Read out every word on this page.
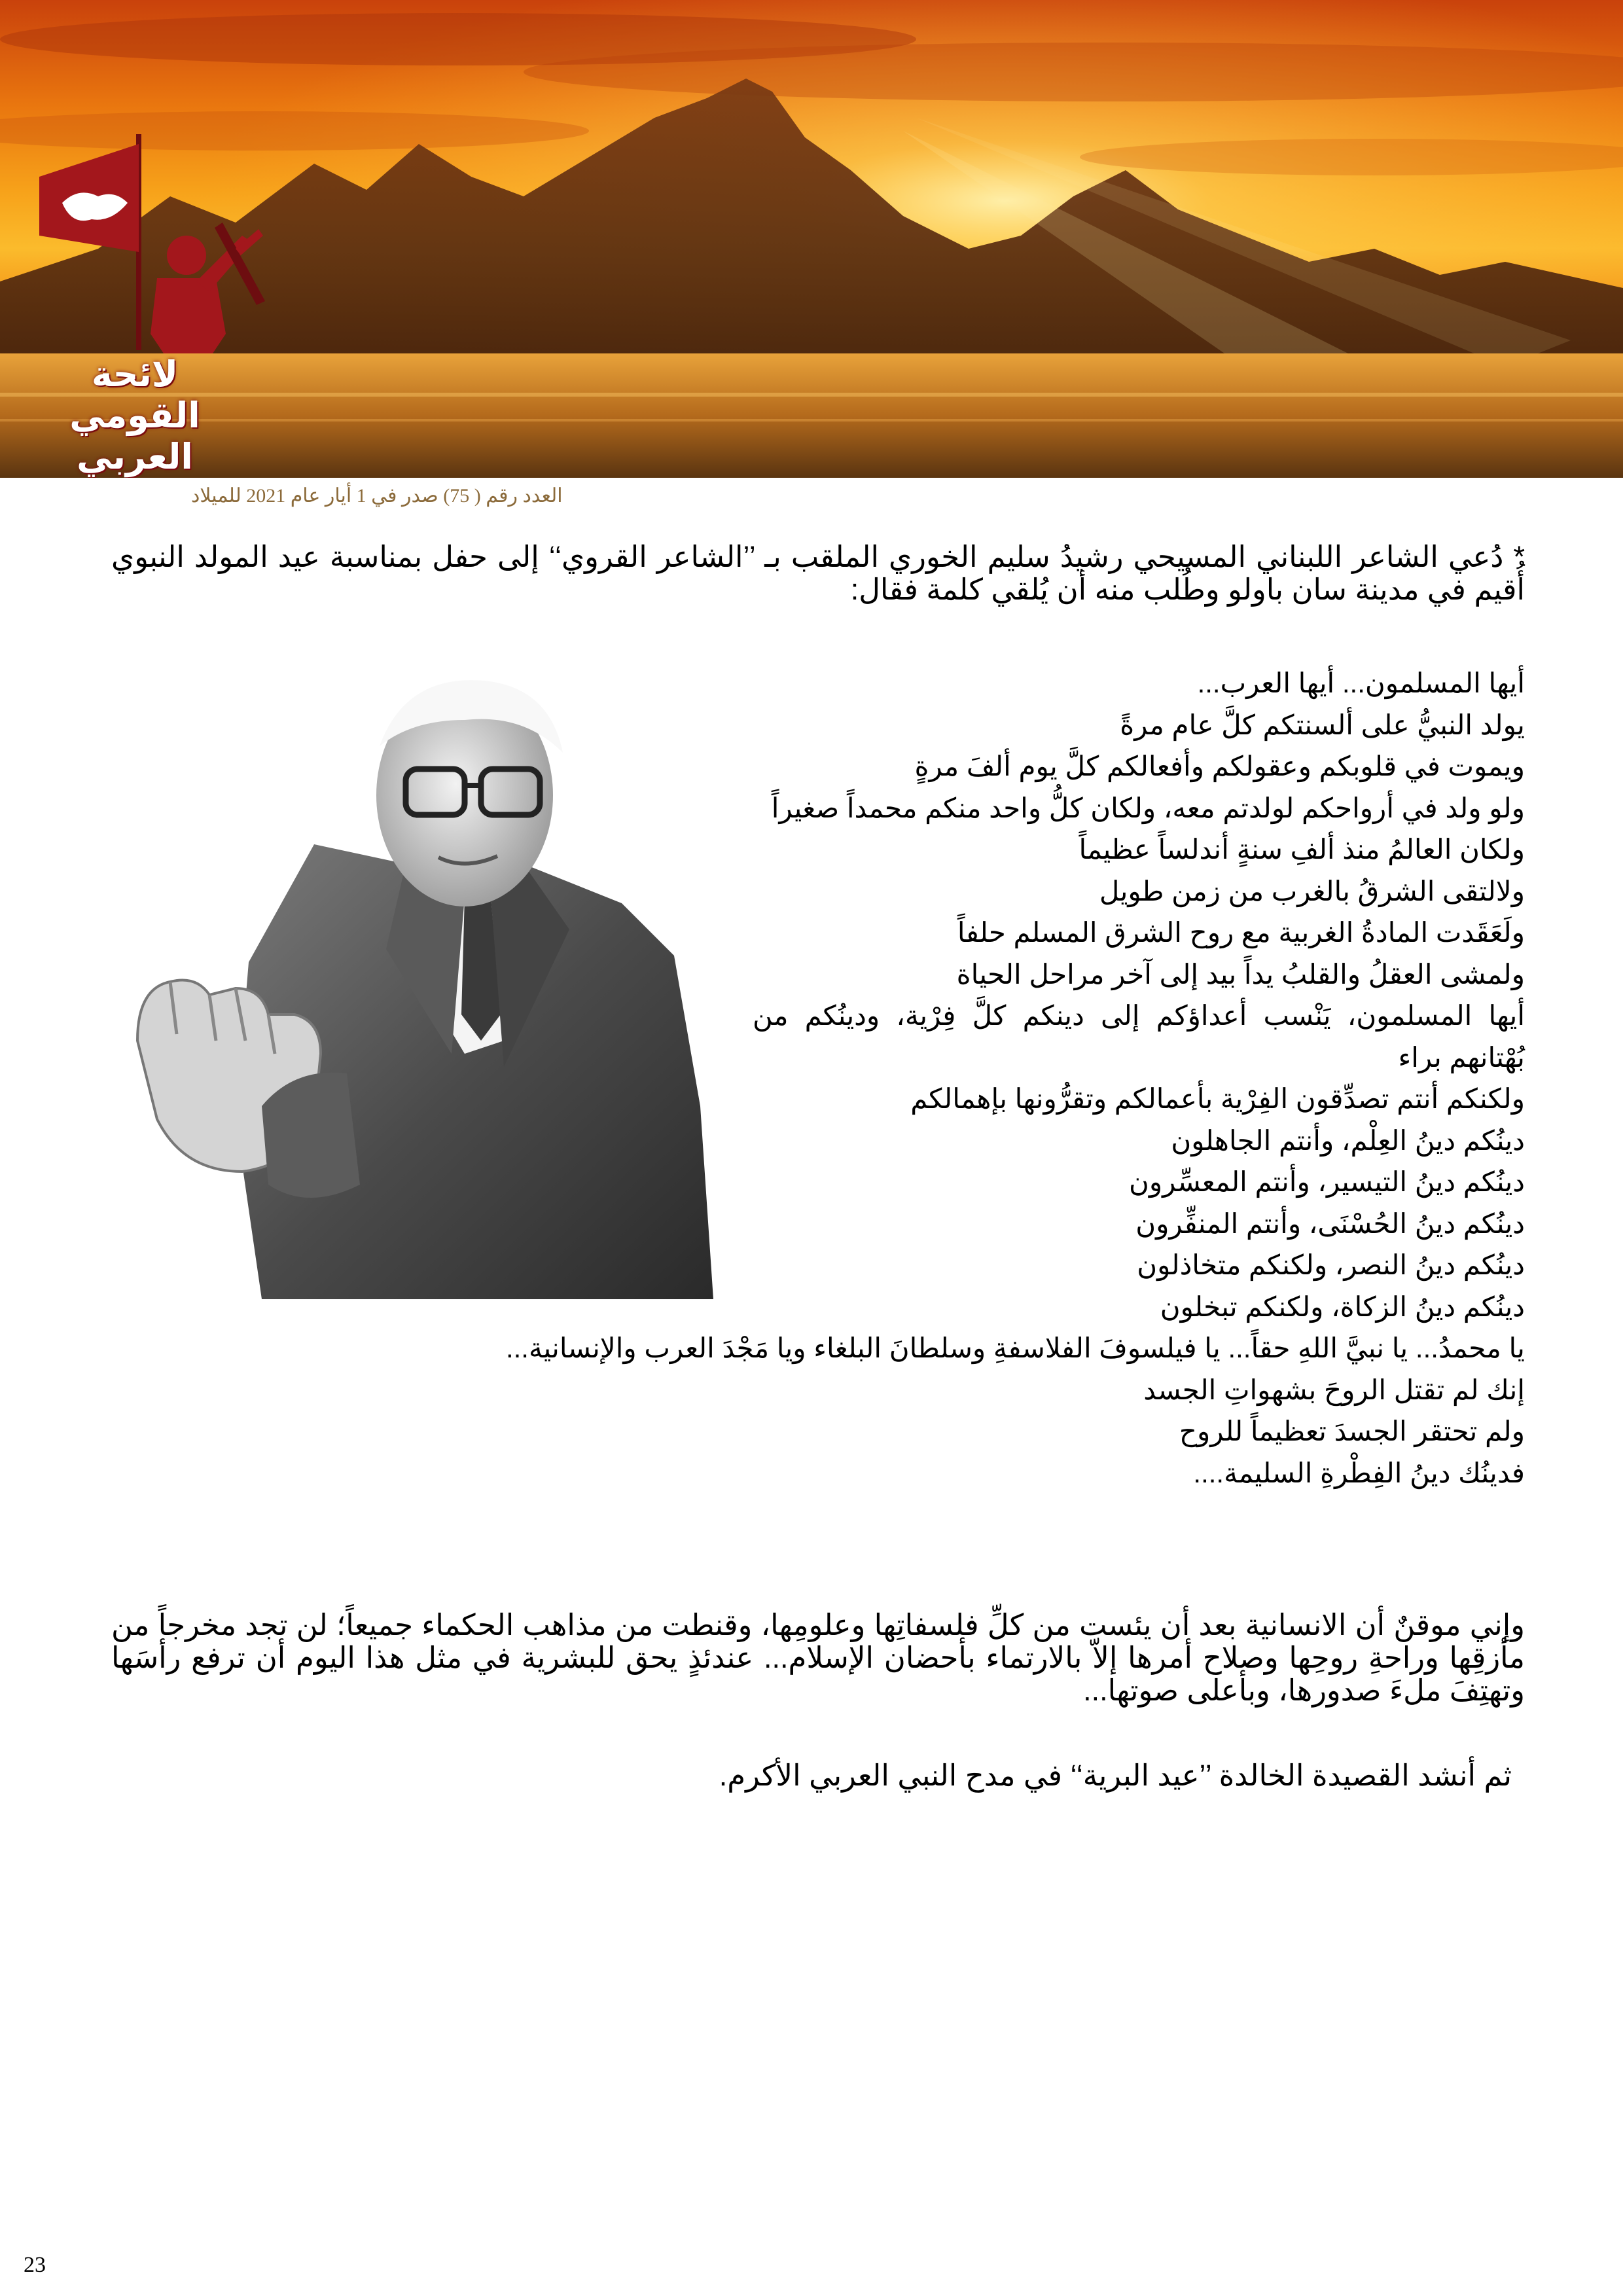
لائحة القومي العربي
العدد رقم ( 75) صدر في 1 أيار عام 2021 للميلاد
* دُعي الشاعر اللبناني المسيحي رشيدُ سليم الخوري الملقب بـ ’’الشاعر القروي‘‘ إلى حفل بمناسبة عيد المولد النبوي أُقيم في مدينة سان باولو وطُلب منه أن يُلقي كلمة فقال:
أيها المسلمون... أيها العرب...
يولد النبيُّ على ألسنتكم كلَّ عام مرةً
ويموت في قلوبكم وعقولكم وأفعالكم كلَّ يوم ألفَ مرةٍ
ولو ولد في أرواحكم لولدتم معه، ولكان كلُّ واحد منكم محمداً صغيراً
ولكان العالمُ منذ ألفِ سنةٍ أندلساً عظيماً
ولالتقى الشرقُ بالغرب من زمن طويل
ولَعَقَدت المادةُ الغربية مع روح الشرق المسلم حلفاً
ولمشى العقلُ والقلبُ يداً بيد إلى آخر مراحل الحياة
أيها المسلمون، يَنْسب أعداؤكم إلى دينكم كلَّ فِرْية، ودينُكم من بُهْتانهم براء
ولكنكم أنتم تصدِّقون الفِرْية بأعمالكم وتقرُّونها بإهمالكم
دينُكم دينُ العِلْم، وأنتم الجاهلون
دينُكم دينُ التيسير، وأنتم المعسِّرون
دينُكم دينُ الحُسْنَى، وأنتم المنفِّرون
دينُكم دينُ النصر، ولكنكم متخاذلون
دينُكم دينُ الزكاة، ولكنكم تبخلون
يا محمدُ... يا نبيَّ اللهِ حقاً... يا فيلسوفَ الفلاسفةِ وسلطانَ البلغاء ويا مَجْدَ العرب والإنسانية...
إنك لم تقتل الروحَ بشهواتِ الجسد
ولم تحتقر الجسدَ تعظيماً للروح
فدينُك دينُ الفِطْرةِ السليمة....
وإني موقنٌ أن الانسانية بعد أن يئست من كلِّ فلسفاتِها وعلومِها، وقنطت من مذاهب الحكماء جميعاً؛ لن تجد مخرجاً من مأزقِها وراحةِ روحِها وصلاح أمرها إلاّ بالارتماء بأحضان الإسلام... عندئذٍ يحق للبشرية في مثل هذا اليوم أن ترفع رأسَها وتهتِفَ ملءَ صدورها، وبأعلى صوتها...
ثم أنشد القصيدة الخالدة ’’عيد البرية‘‘ في مدح النبي العربي الأكرم.
23
